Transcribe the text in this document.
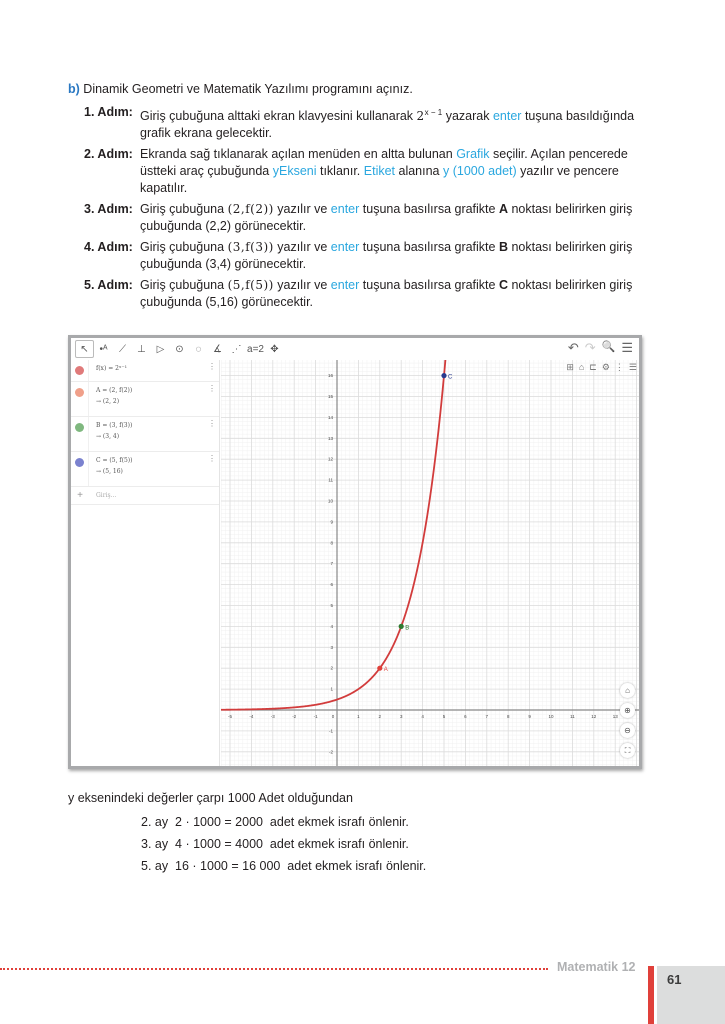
b) Dinamik Geometri ve Matematik Yazılımı programını açınız.
1. Adım: Giriş çubuğuna alttaki ekran klavyesini kullanarak $2^{x - 1}$ yazarak enter tuşuna basıldığında grafik ekrana gelecektir.
2. Adım: Ekranda sağ tıklanarak açılan menüden en altta bulunan Grafik seçilir. Açılan pencerede üstteki araç çubuğunda yEkseni tıklanır. Etiket alanına y (1000 adet) yazılır ve pencere kapatılır.
3. Adım: Giriş çubuğuna (2,f(2)) yazılır ve enter tuşuna basılırsa grafikte A noktası belirirken giriş çubuğunda (2,2) görünecektir.
4. Adım: Giriş çubuğuna (3,f(3)) yazılır ve enter tuşuna basılırsa grafikte B noktası belirirken giriş çubuğunda (3,4) görünecektir.
5. Adım: Giriş çubuğuna (5,f(5)) yazılır ve enter tuşuna basılırsa grafikte C noktası belirirken giriş çubuğunda (5,16) görünecektir.
↖	•ᴬ	⟋	⊥	▷	⊙	◌	∡ ⋰ a=2 ✥	↶ ↷ 🔍 ☰
f(x) = 2ˣ⁻¹	⋮
A = (2, f(2))
→ (2, 2)
⋮
B = (3, f(3))
→ (3, 4)
⋮
C = (5, f(5))
→ (5, 16)
⋮
+	Giriş...
-5	-4	-3	-2	-1	1	2	3	4	5	6	7	8	9	10	11	12	13
0
-2
-1
1
2
3
4
5
6
7
8
9
10
11
12
13
14
15
16
A
B
C
⊞ ⌂ ⊏ ⚙ ⋮ ☰
⌂
⊕
⊖
⛶
y eksenindeki değerler çarpı 1000 Adet olduğundan
2. ay  2 · 1000 = 2000  adet ekmek israfı önlenir.
3. ay  4 · 1000 = 4000  adet ekmek israfı önlenir.
5. ay  16 · 1000 = 16 000  adet ekmek israfı önlenir.
Matematik 12
61
